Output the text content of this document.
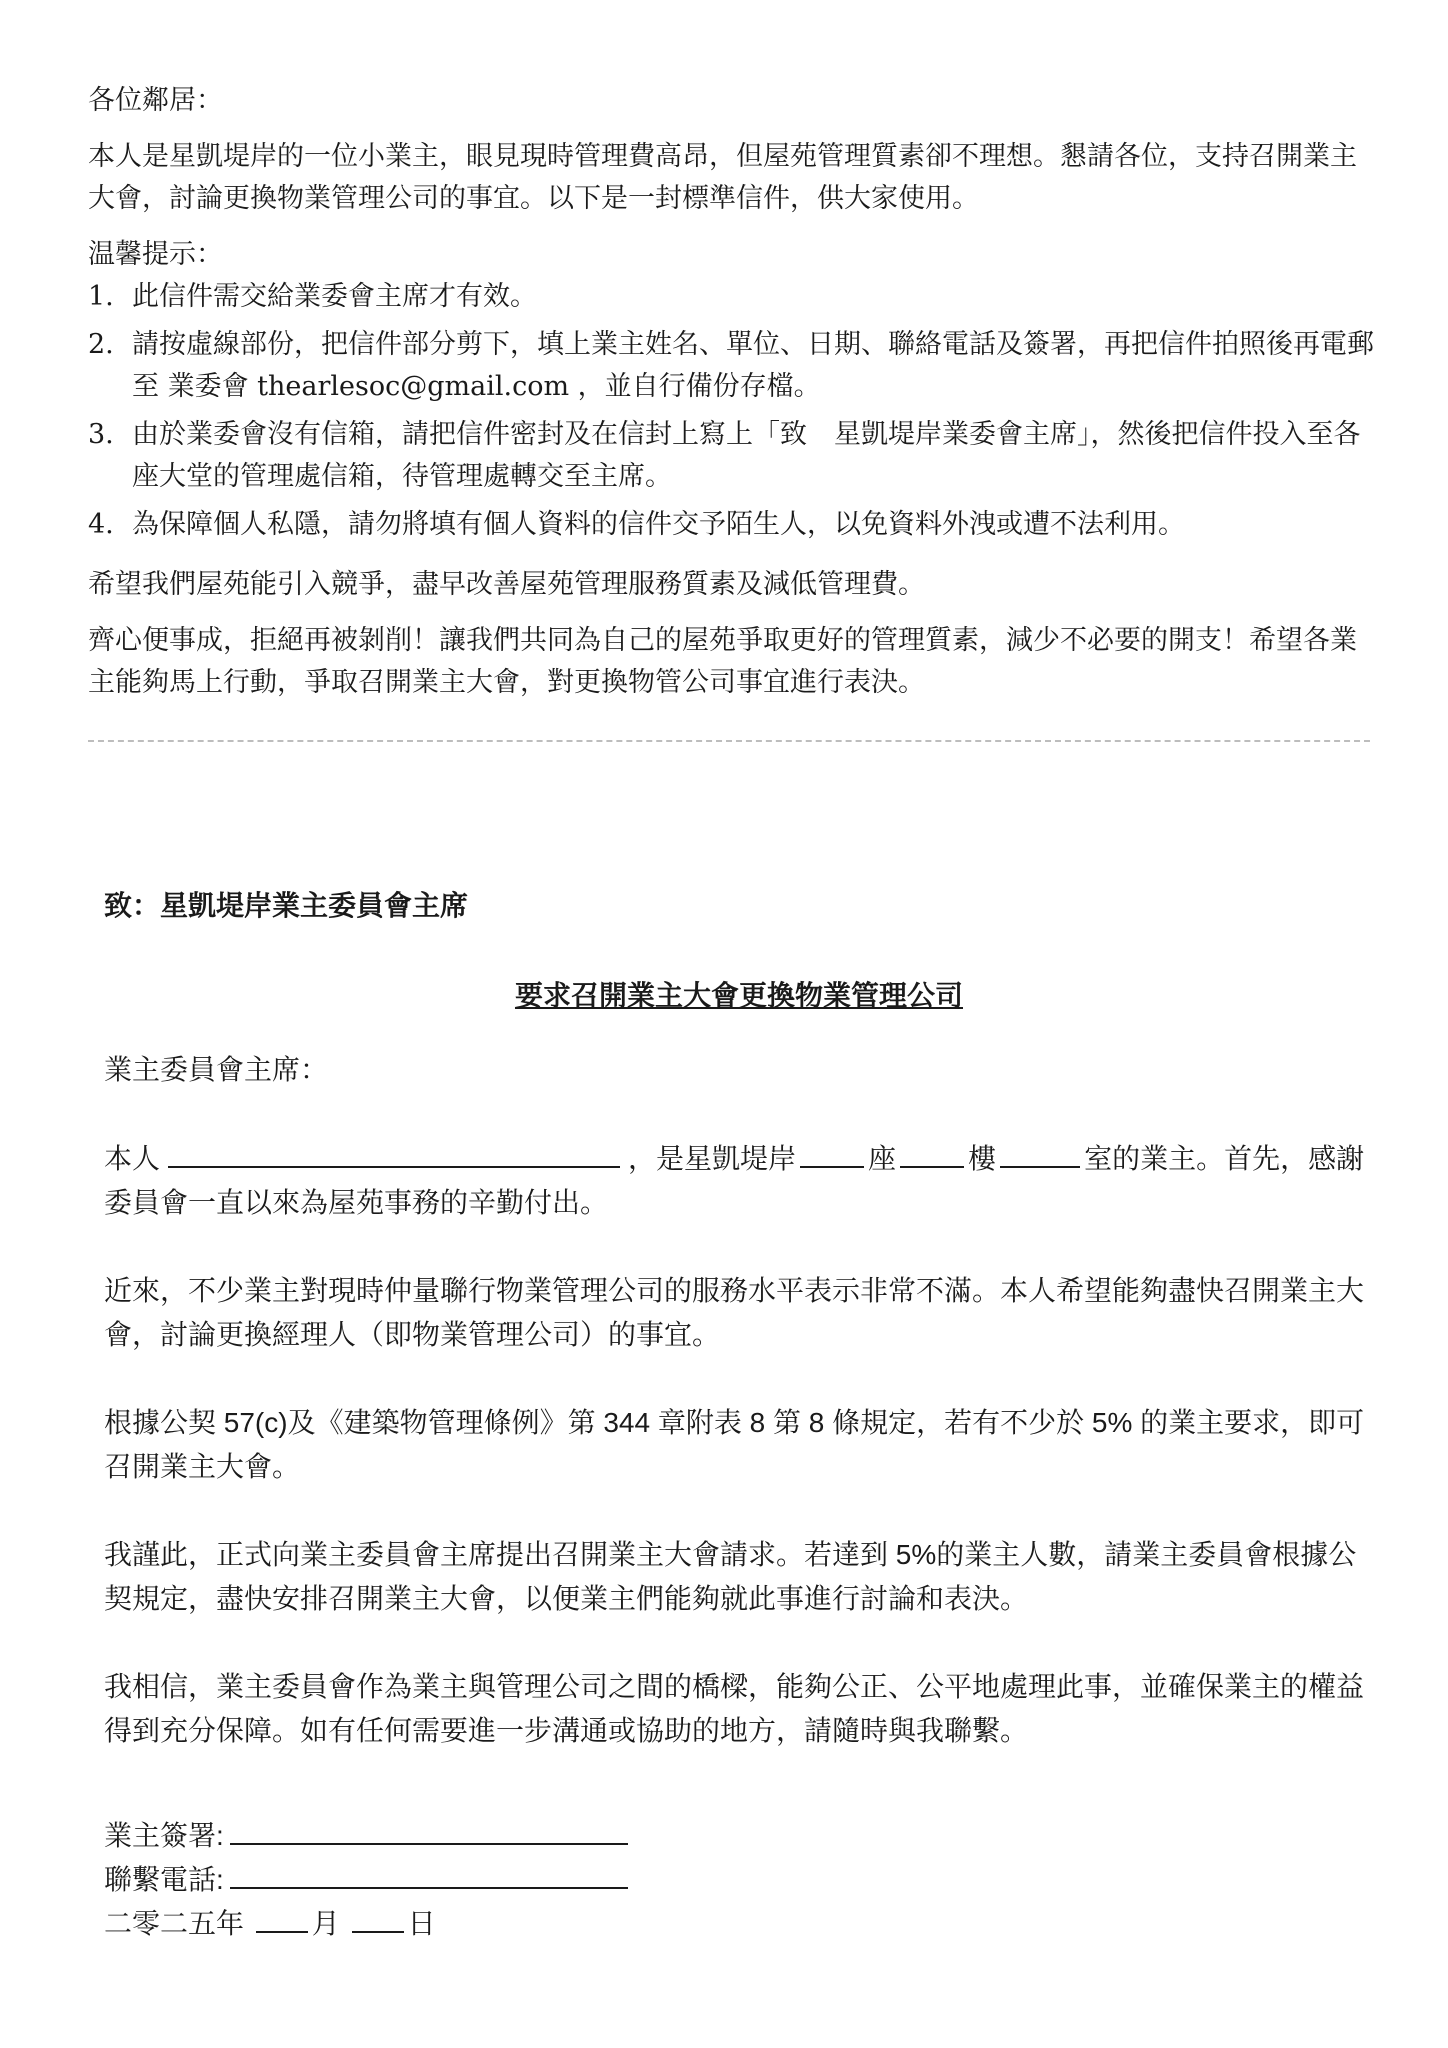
各位鄰居：

本人是星凱堤岸的一位小業主，眼見現時管理費高昂，但屋苑管理質素卻不理想。懇請各位，支持召開業主大會，討論更換物業管理公司的事宜。以下是一封標準信件，供大家使用。

温馨提示：

1. 此信件需交給業委會主席才有效。
2. 請按虛線部份，把信件部分剪下，填上業主姓名、單位、日期、聯絡電話及簽署，再把信件拍照後再電郵至 業委會 thearlesoc@gmail.com ，並自行備份存檔。
3. 由於業委會沒有信箱，請把信件密封及在信封上寫上「致　星凱堤岸業委會主席」，然後把信件投入至各座大堂的管理處信箱，待管理處轉交至主席。
4. 為保障個人私隱，請勿將填有個人資料的信件交予陌生人，以免資料外洩或遭不法利用。

希望我們屋苑能引入競爭，盡早改善屋苑管理服務質素及減低管理費。

齊心便事成，拒絕再被剝削！讓我們共同為自己的屋苑爭取更好的管理質素，減少不必要的開支！希望各業主能夠馬上行動，爭取召開業主大會，對更換物管公司事宜進行表決。

致：星凱堤岸業主委員會主席

要求召開業主大會更換物業管理公司

業主委員會主席：

本人	，是星凱堤岸	座	樓	室的業主。首先，感謝委員會一直以來為屋苑事務的辛勤付出。

近來，不少業主對現時仲量聯行物業管理公司的服務水平表示非常不滿。本人希望能夠盡快召開業主大會，討論更換經理人（即物業管理公司）的事宜。

根據公契 57(c)及《建築物管理條例》第 344 章附表 8 第 8 條規定，若有不少於 5% 的業主要求，即可召開業主大會。

我謹此，正式向業主委員會主席提出召開業主大會請求。若達到 5%的業主人數，請業主委員會根據公契規定，盡快安排召開業主大會，以便業主們能夠就此事進行討論和表決。

我相信，業主委員會作為業主與管理公司之間的橋樑，能夠公正、公平地處理此事，並確保業主的權益得到充分保障。如有任何需要進一步溝通或協助的地方，請隨時與我聯繫。

業主簽署:
聯繫電話:
二零二五年 月 日
